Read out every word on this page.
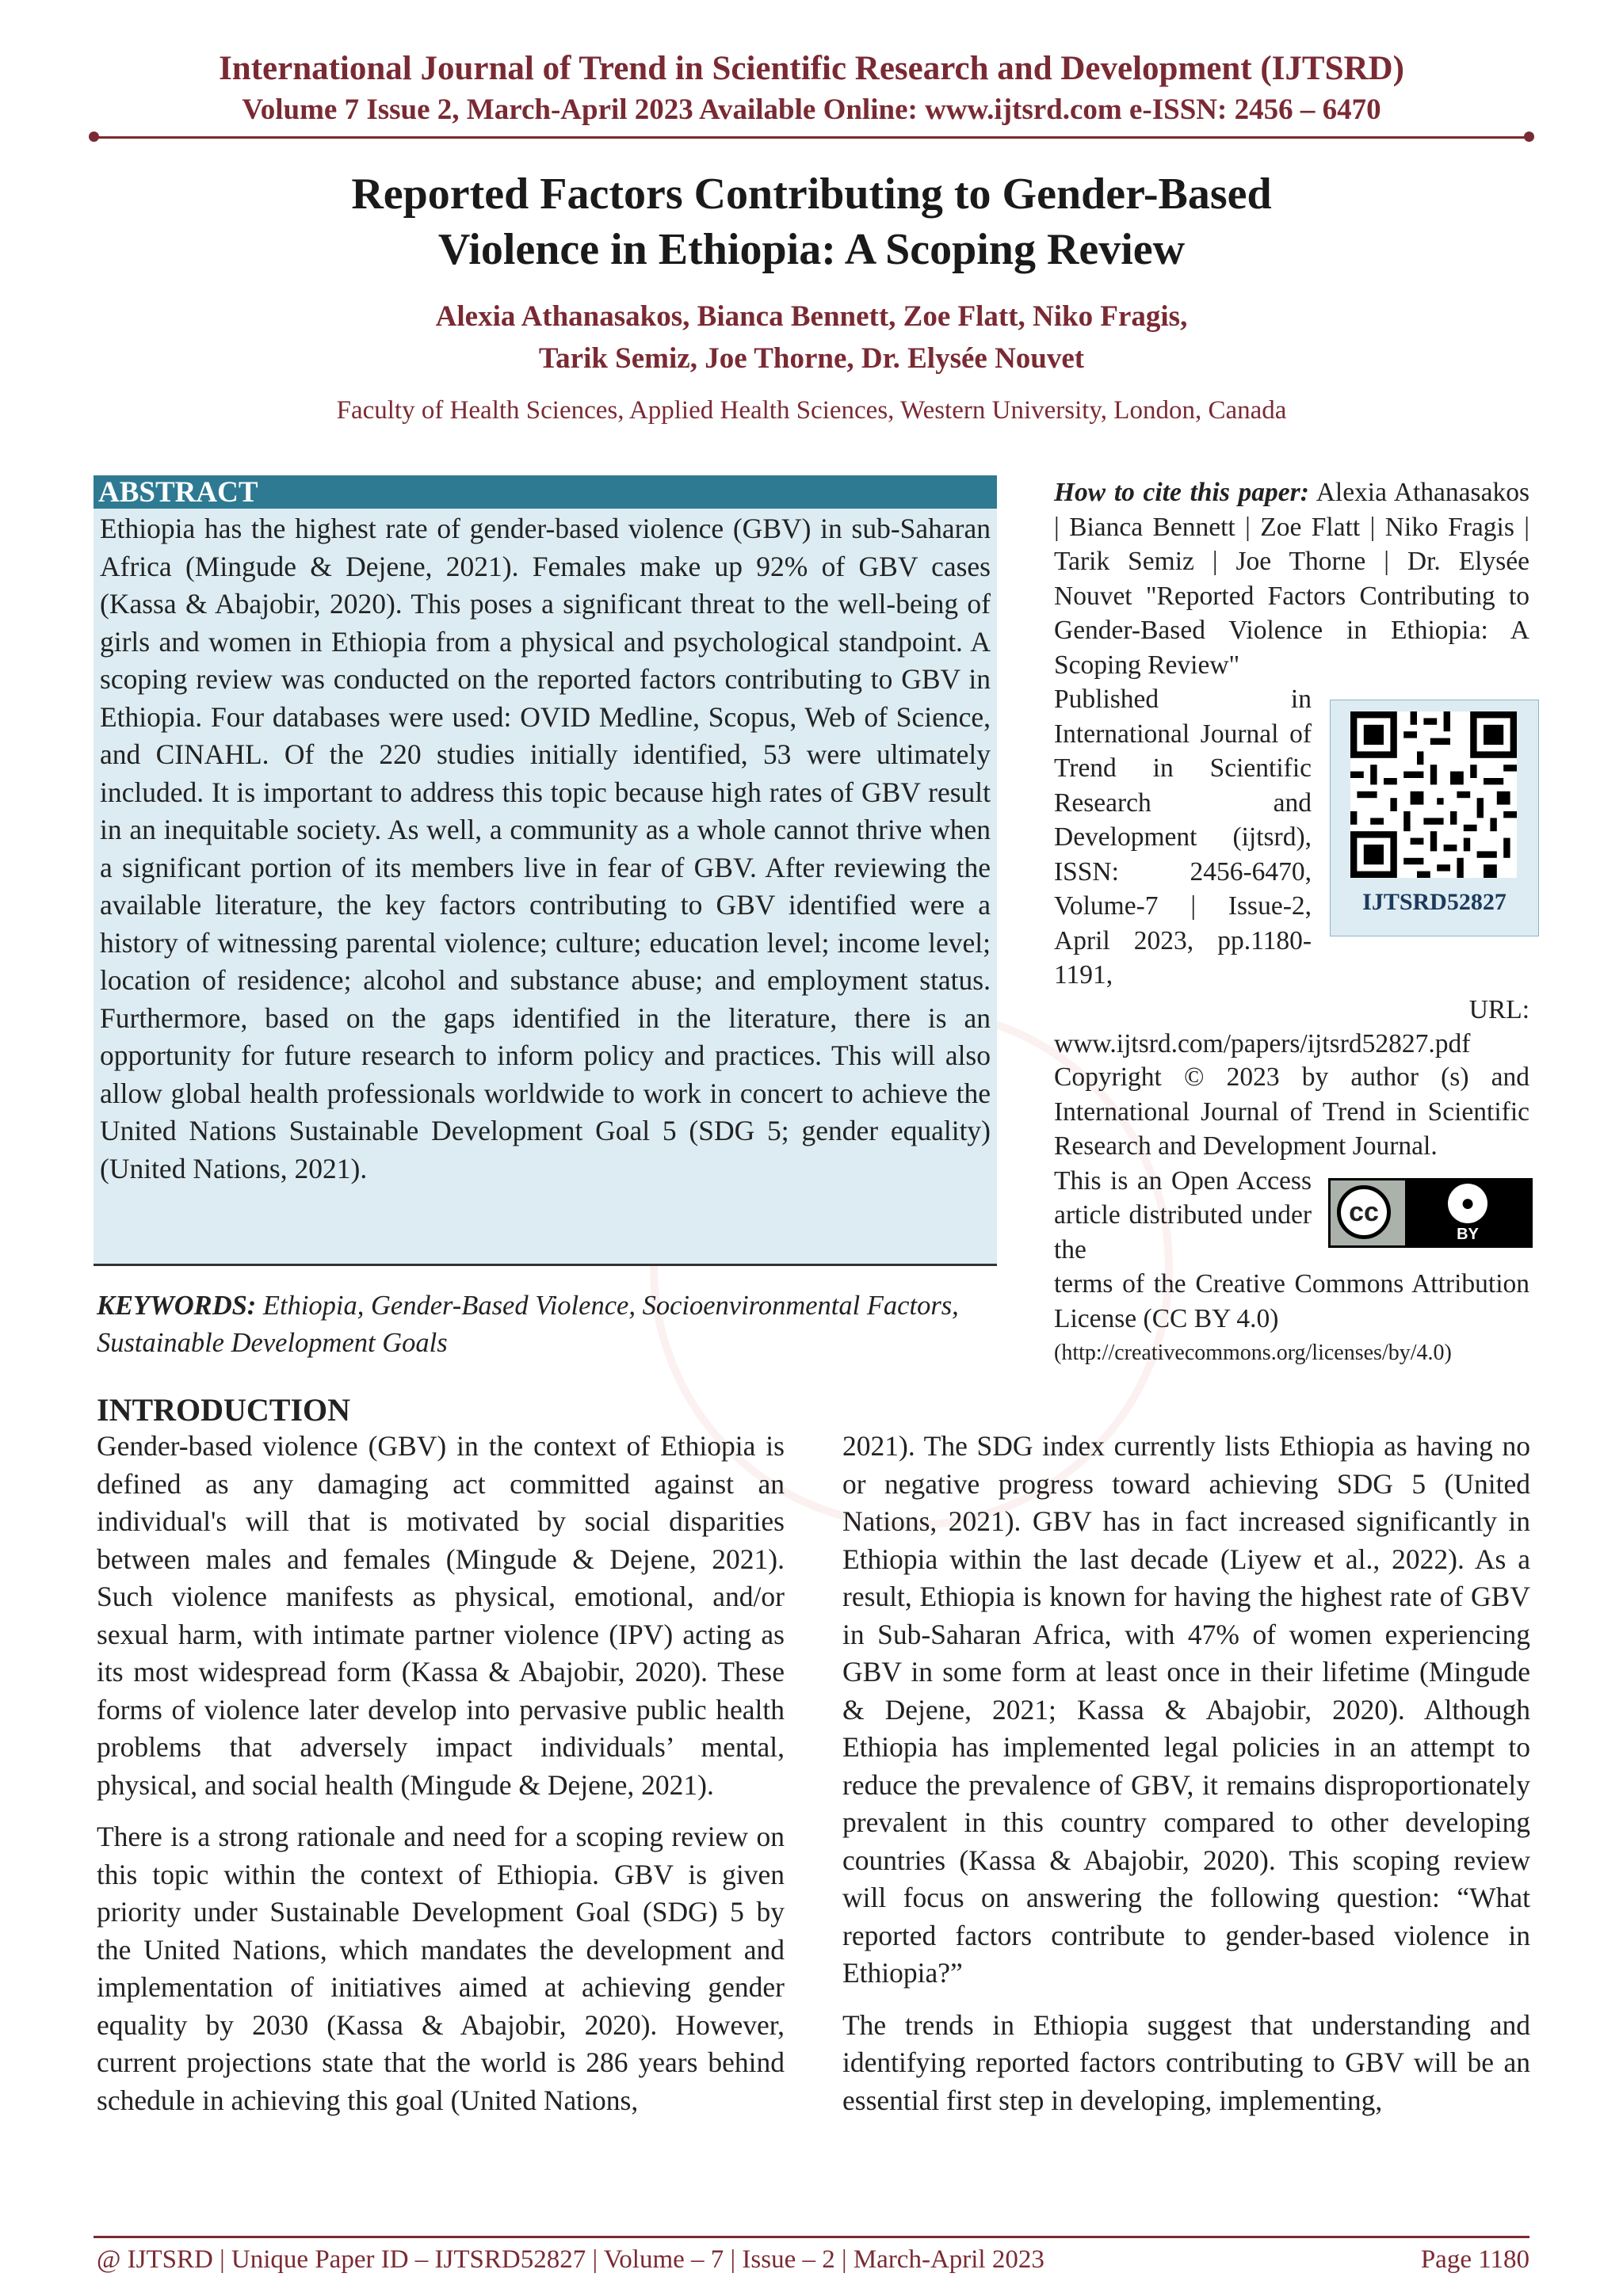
International Journal of Trend in Scientific Research and Development (IJTSRD)
Volume 7 Issue 2, March-April 2023 Available Online: www.ijtsrd.com e-ISSN: 2456 – 6470
Reported Factors Contributing to Gender-Based
Violence in Ethiopia: A Scoping Review
Alexia Athanasakos, Bianca Bennett, Zoe Flatt, Niko Fragis,
Tarik Semiz, Joe Thorne, Dr. Elysée Nouvet
Faculty of Health Sciences, Applied Health Sciences, Western University, London, Canada
ABSTRACT
Ethiopia has the highest rate of gender-based violence (GBV) in sub-Saharan Africa (Mingude & Dejene, 2021). Females make up 92% of GBV cases (Kassa & Abajobir, 2020). This poses a significant threat to the well-being of girls and women in Ethiopia from a physical and psychological standpoint. A scoping review was conducted on the reported factors contributing to GBV in Ethiopia. Four databases were used: OVID Medline, Scopus, Web of Science, and CINAHL. Of the 220 studies initially identified, 53 were ultimately included. It is important to address this topic because high rates of GBV result in an inequitable society. As well, a community as a whole cannot thrive when a significant portion of its members live in fear of GBV. After reviewing the available literature, the key factors contributing to GBV identified were a history of witnessing parental violence; culture; education level; income level; location of residence; alcohol and substance abuse; and employment status. Furthermore, based on the gaps identified in the literature, there is an opportunity for future research to inform policy and practices. This will also allow global health professionals worldwide to work in concert to achieve the United Nations Sustainable Development Goal 5 (SDG 5; gender equality) (United Nations, 2021).
KEYWORDS: Ethiopia, Gender-Based Violence, Socioenvironmental Factors, Sustainable Development Goals
How to cite this paper: Alexia Athanasakos | Bianca Bennett | Zoe Flatt | Niko Fragis | Tarik Semiz | Joe Thorne | Dr. Elysée Nouvet "Reported Factors Contributing to Gender-Based Violence in Ethiopia: A Scoping Review"
Published in International Journal of Trend in Scientific Research and Development (ijtsrd), ISSN: 2456-6470, Volume-7 | Issue-2, April 2023, pp.1180-1191,
URL:
www.ijtsrd.com/papers/ijtsrd52827.pdf
IJTSRD52827
Copyright © 2023 by author (s) and International Journal of Trend in Scientific Research and Development Journal.
This is an Open Access article distributed under the
terms of the Creative Commons Attribution License (CC BY 4.0)
(http://creativecommons.org/licenses/by/4.0)
cc	●
BY
INTRODUCTION

Gender-based violence (GBV) in the context of Ethiopia is defined as any damaging act committed against an individual's will that is motivated by social disparities between males and females (Mingude & Dejene, 2021). Such violence manifests as physical, emotional, and/or sexual harm, with intimate partner violence (IPV) acting as its most widespread form (Kassa & Abajobir, 2020). These forms of violence later develop into pervasive public health problems that adversely impact individuals’ mental, physical, and social health (Mingude & Dejene, 2021).

There is a strong rationale and need for a scoping review on this topic within the context of Ethiopia. GBV is given priority under Sustainable Development Goal (SDG) 5 by the United Nations, which mandates the development and implementation of initiatives aimed at achieving gender equality by 2030 (Kassa & Abajobir, 2020). However, current projections state that the world is 286 years behind schedule in achieving this goal (United Nations,

2021). The SDG index currently lists Ethiopia as having no or negative progress toward achieving SDG 5 (United Nations, 2021). GBV has in fact increased significantly in Ethiopia within the last decade (Liyew et al., 2022). As a result, Ethiopia is known for having the highest rate of GBV in Sub-Saharan Africa, with 47% of women experiencing GBV in some form at least once in their lifetime (Mingude & Dejene, 2021; Kassa & Abajobir, 2020). Although Ethiopia has implemented legal policies in an attempt to reduce the prevalence of GBV, it remains disproportionately prevalent in this country compared to other developing countries (Kassa & Abajobir, 2020). This scoping review will focus on answering the following question: “What reported factors contribute to gender-based violence in Ethiopia?”

The trends in Ethiopia suggest that understanding and identifying reported factors contributing to GBV will be an essential first step in developing, implementing,

@ IJTSRD | Unique Paper ID – IJTSRD52827 | Volume – 7 | Issue – 2 | March-April 2023	Page 1180
